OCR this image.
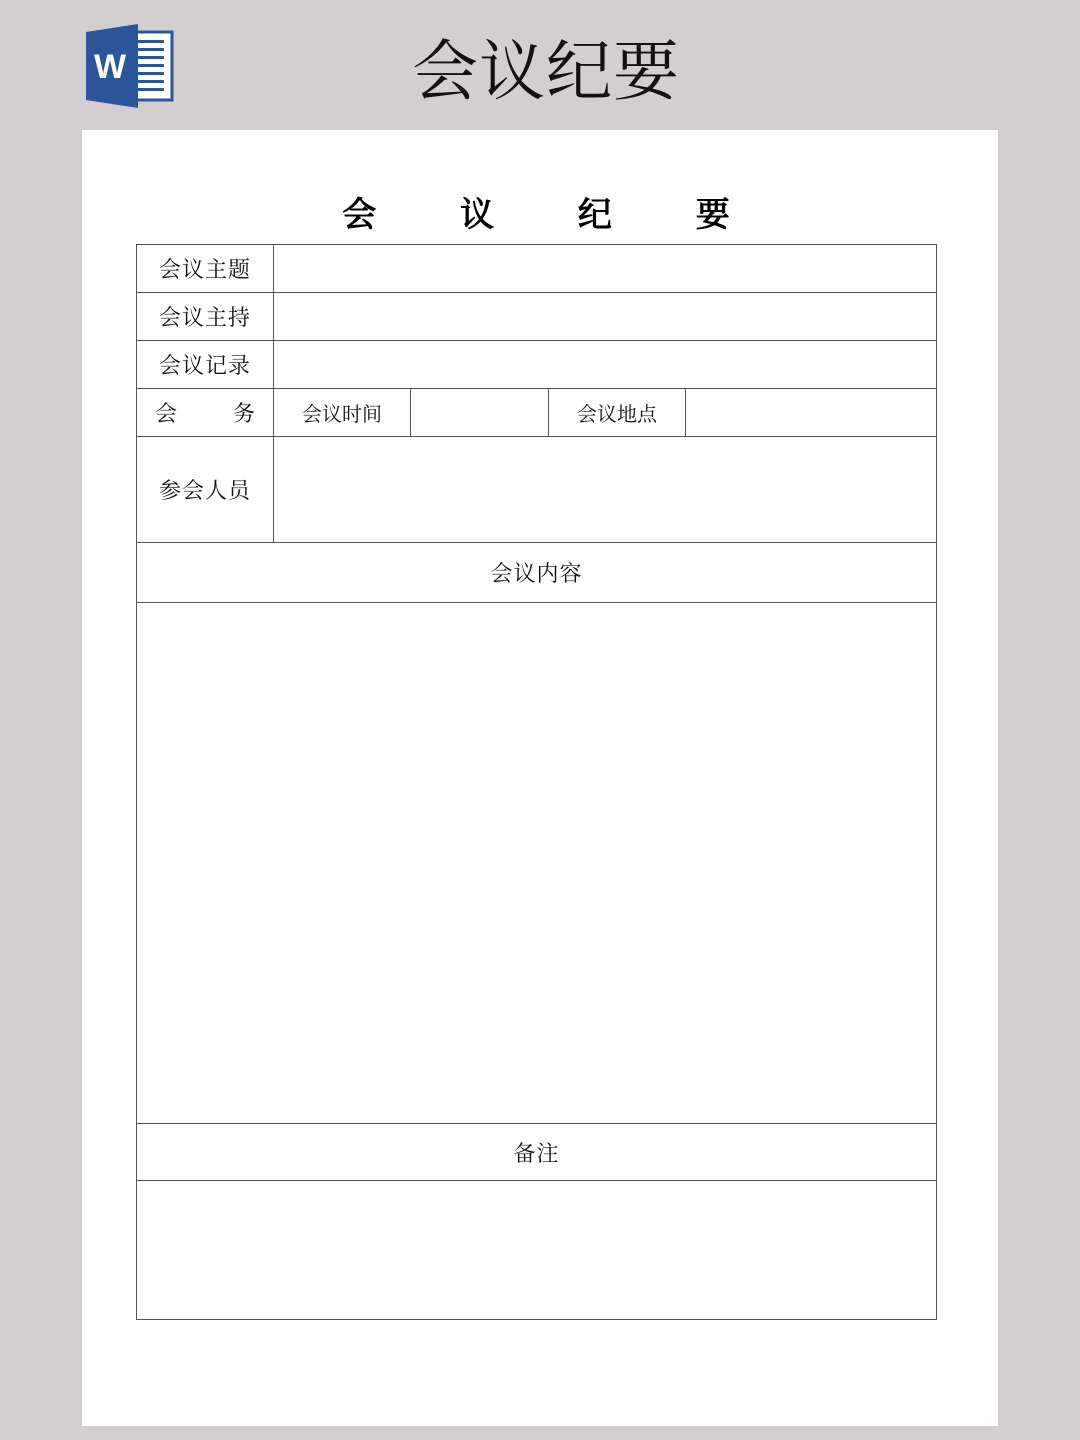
W	会议纪要
会 议 纪 要
会议主题				
会议主持				
会议记录				

会 务	会议时间		会议地点	
参会人员				
会议内容				

备注				
